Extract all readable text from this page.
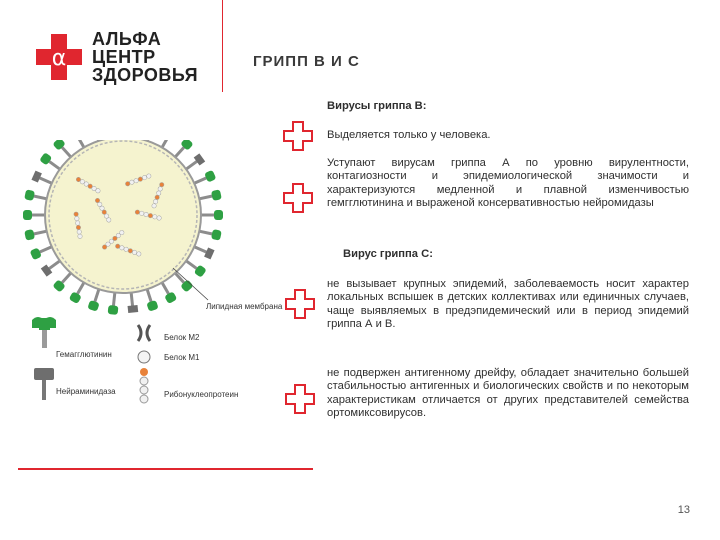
α
АЛЬФА
ЦЕНТР
ЗДОРОВЬЯ
ГРИПП В И С
Липидная мембрана
Гемагглютинин
Нейраминидаза
Белок M2
Белок M1
Рибонуклеопротеин
Вирусы гриппа В:
Выделяется только у человека.
Уступают вирусам гриппа А по уровню вирулентности, контагиозности и эпидемиологической значимости и характеризуются медленной и плавной изменчивостью гемгглютинина и выраженой консервативностью нейромидазы
Вирус гриппа С:
не вызывает крупных эпидемий, заболеваемость носит характер локальных вспышек в детских коллективах или единичных случаев, чаще выявляемых в предэпидемический или в период эпидемий гриппа А и В.
не подвержен антигенному дрейфу, обладает значительно большей стабильностью антигенных и биологических свойств и по некоторым характеристикам отличается от других представителей семейства ортомиксовирусов.
13
